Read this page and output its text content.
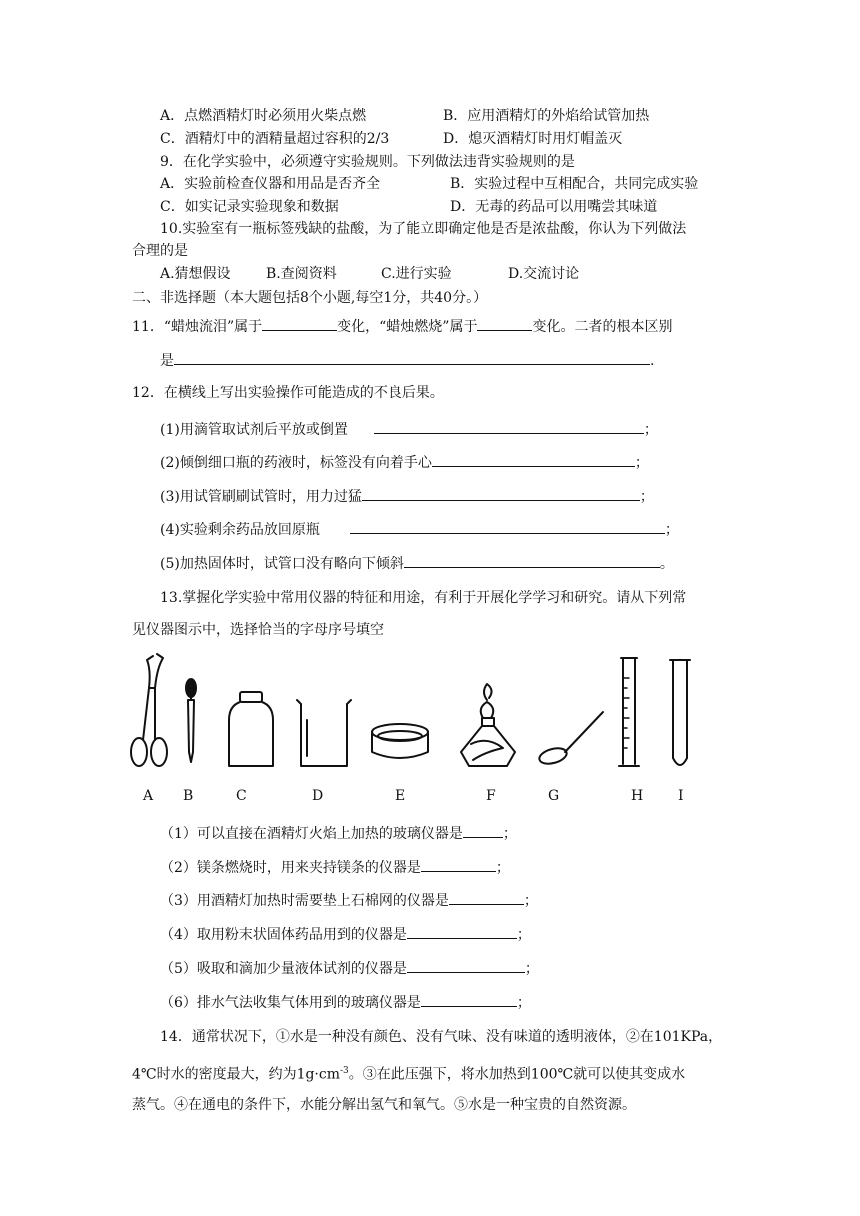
A．点燃酒精灯时必须用火柴点燃	B．应用酒精灯的外焰给试管加热
C．酒精灯中的酒精量超过容积的2/3	D．熄灭酒精灯时用灯帽盖灭
9．在化学实验中，必须遵守实验规则。下列做法违背实验规则的是
A．实验前检查仪器和用品是否齐全	B．实验过程中互相配合，共同完成实验
C．如实记录实验现象和数据	D．无毒的药品可以用嘴尝其味道
10.实验室有一瓶标签残缺的盐酸，为了能立即确定他是否是浓盐酸，你认为下列做法
合理的是
A.猜想假设	B.查阅资料	C.进行实验	D.交流讨论
二、非选择题（本大题包括8个小题,每空1分，共40分。）
11．“蜡烛流泪”属于	变化，“蜡烛燃烧”属于	变化。二者的根本区别
是	.
12．在横线上写出实验操作可能造成的不良后果。
(1)用滴管取试剂后平放或倒置	；
(2)倾倒细口瓶的药液时，标签没有向着手心	；
(3)用试管刷刷试管时，用力过猛	；
(4)实验剩余药品放回原瓶	；
(5)加热固体时，试管口没有略向下倾斜	。
13.掌握化学实验中常用仪器的特征和用途，有利于开展化学学习和研究。请从下列常
见仪器图示中，选择恰当的字母序号填空
A B	C	D	E	F	G	H I
（1）可以直接在酒精灯火焰上加热的玻璃仪器是	；
（2）镁条燃烧时，用来夹持镁条的仪器是	；
（3）用酒精灯加热时需要垫上石棉网的仪器是	；
（4）取用粉末状固体药品用到的仪器是	；
（5）吸取和滴加少量液体试剂的仪器是	；
（6）排水气法收集气体用到的玻璃仪器是	；
14．通常状况下，①水是一种没有颜色、没有气味、没有味道的透明液体，②在101KPa，
4℃时水的密度最大，约为$1g\cdot cm^{-3}$。③在此压强下，将水加热到100℃就可以使其变成水
蒸气。④在通电的条件下，水能分解出氢气和氧气。⑤水是一种宝贵的自然资源。
